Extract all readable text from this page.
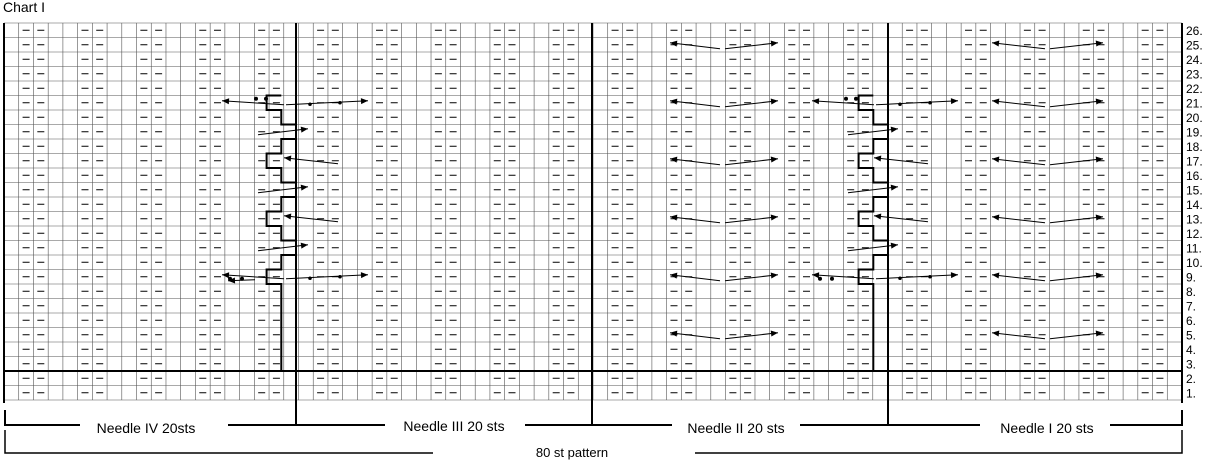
Chart I
1.
2.
3.
4.
5.
6.
7.
8.
9.
10.
11.
12.
13.
14.
15.
16.
17.
18.
19.
20.
21.
22.
23.
24.
25.
26.
Needle IV 20sts	Needle III 20 sts	Needle II 20 sts	Needle I 20 sts
80 st pattern
